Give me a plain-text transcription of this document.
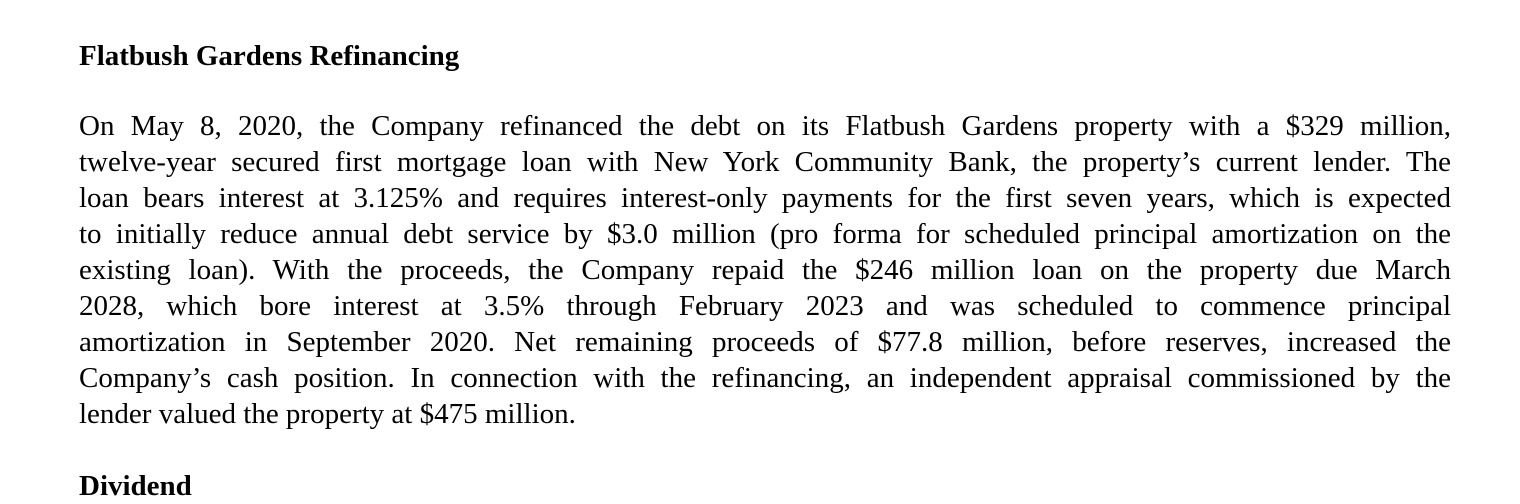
Flatbush Gardens Refinancing
On May 8, 2020, the Company refinanced the debt on its Flatbush Gardens property with a $329 million,
twelve-year secured first mortgage loan with New York Community Bank, the property’s current lender. The
loan bears interest at 3.125% and requires interest-only payments for the first seven years, which is expected
to initially reduce annual debt service by $3.0 million (pro forma for scheduled principal amortization on the
existing loan). With the proceeds, the Company repaid the $246 million loan on the property due March
2028, which bore interest at 3.5% through February 2023 and was scheduled to commence principal
amortization in September 2020. Net remaining proceeds of $77.8 million, before reserves, increased the
Company’s cash position. In connection with the refinancing, an independent appraisal commissioned by the
lender valued the property at $475 million.
Dividend
